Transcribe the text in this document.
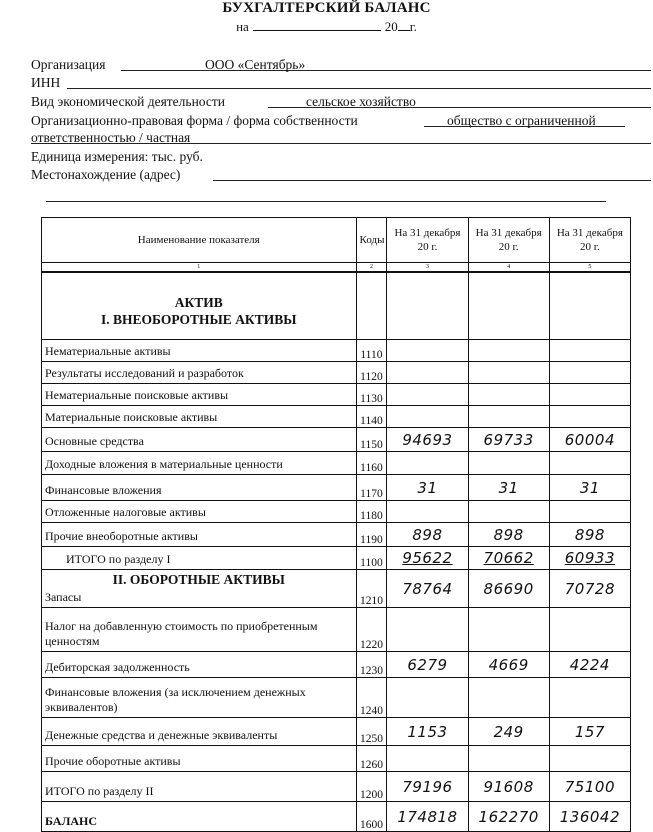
БУХГАЛТЕРСКИЙ БАЛАНС
на	20 г.
Организация	ООО «Сентябрь»
ИНН
Вид экономической деятельности	сельское хозяйство
Организационно-правовая форма / форма собственности	общество с ограниченной
ответственностью / частная
Единица измерения: тыс. руб.
Местонахождение (адрес)
Наименование показателя	Коды	На 31 декабря 20 г.	На 31 декабря 20 г.	На 31 декабря 20 г.
1	2	3	4	5

АКТИВ
I. ВНЕОБОРОТНЫЕ АКТИВЫ				

Нематериальные активы	1110			
Результаты исследований и разработок	1120			
Нематериальные поисковые активы	1130			
Материальные поисковые активы	1140			
Основные средства	1150	94693	69733	60004
Доходные вложения в материальные ценности	1160			
Финансовые вложения	1170	31	31	31
Отложенные налоговые активы	1180			
Прочие внеоборотные активы	1190	898	898	898
ИТОГО по разделу I	1100	95622	70662	60933

II. ОБОРОТНЫЕ АКТИВЫ
Запасы	1210	78764	86690	70728
Налог на добавленную стоимость по приобретенным ценностям	1220			
Дебиторская задолженность	1230	6279	4669	4224
Финансовые вложения (за исключением денежных эквивалентов)	1240			
Денежные средства и денежные эквиваленты	1250	1153	249	157
Прочие оборотные активы	1260			
ИТОГО по разделу II	1200	79196	91608	75100
БАЛАНС	1600	174818	162270	136042
